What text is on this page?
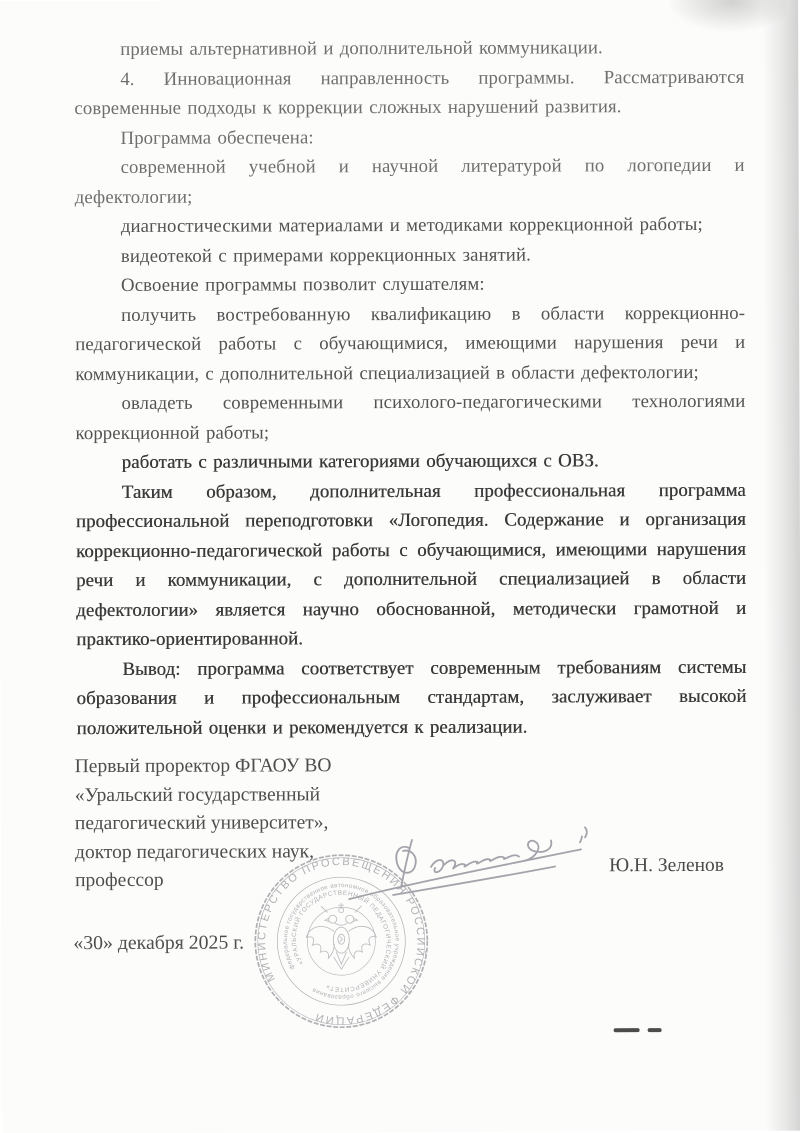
приемы альтернативной и дополнительной коммуникации.

4. Инновационная направленность программы. Рассматриваются современные подходы к коррекции сложных нарушений развития.

Программа обеспечена:

современной учебной и научной литературой по логопедии и дефектологии;

диагностическими материалами и методиками коррекционной работы;

видеотекой с примерами коррекционных занятий.

Освоение программы позволит слушателям:

получить востребованную квалификацию в области коррекционно-педагогической работы с обучающимися, имеющими нарушения речи и коммуникации, с дополнительной специализацией в области дефектологии;

овладеть современными психолого-педагогическими технологиями коррекционной работы;

работать с различными категориями обучающихся с ОВЗ.

Таким образом, дополнительная профессиональная программа профессиональной переподготовки «Логопедия. Содержание и организация коррекционно-педагогической работы с обучающимися, имеющими нарушения речи и коммуникации, с дополнительной специализацией в области дефектологии» является научно обоснованной, методически грамотной и практико-ориентированной.

Вывод: программа соответствует современным требованиям системы образования и профессиональным стандартам, заслуживает высокой положительной оценки и рекомендуется к реализации.

Первый проректор ФГАОУ ВО

«Уральский государственный

педагогический университет»,

доктор педагогических наук,

профессор

Ю.Н. Зеленов
«30» декабря 2025 г.
МИНИСТЕРСТВО ПРОСВЕЩЕНИЯ РОССИЙСКОЙ ФЕДЕРАЦИИ
федеральное государственное автономное образовательное учреждение высшего образования
«УРАЛЬСКИЙ ГОСУДАРСТВЕННЫЙ ПЕДАГОГИЧЕСКИЙ УНИВЕРСИТЕТ»
